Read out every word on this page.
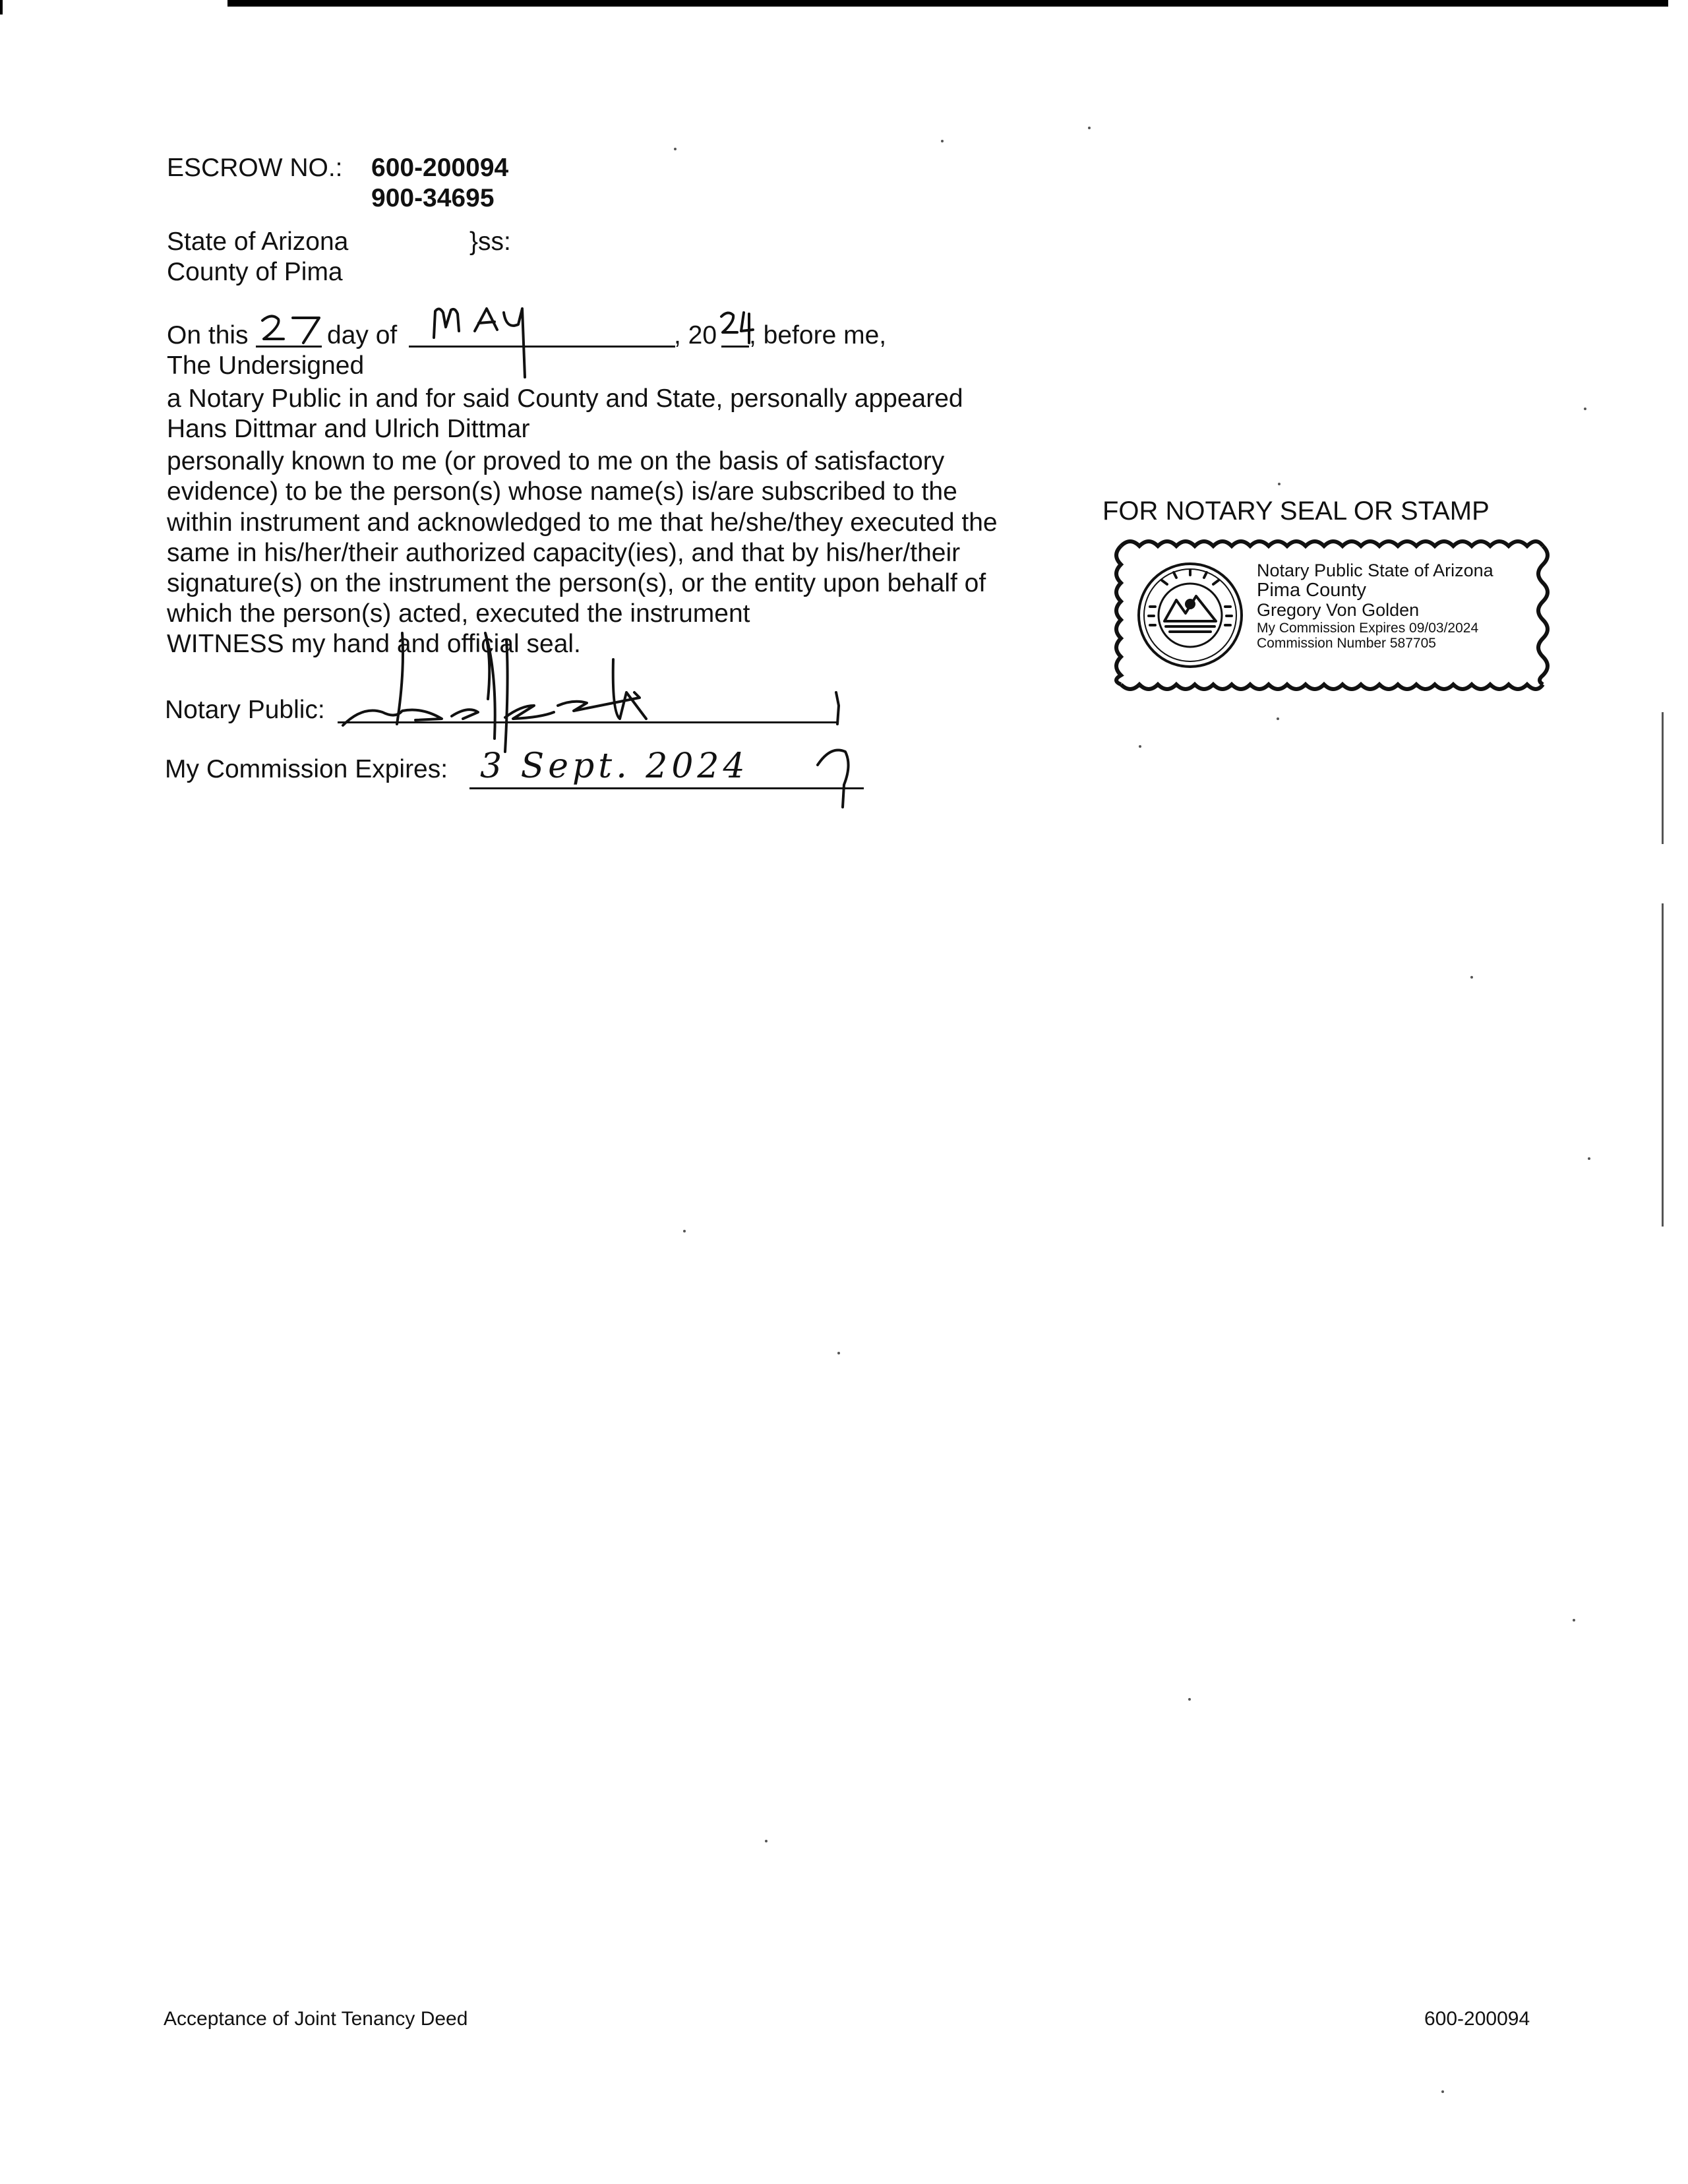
ESCROW NO.: 600-200094
900-34695
State of Arizona	}ss:
County of Pima
On this	day of	, 20 , before me,
The Undersigned
a Notary Public in and for said County and State, personally appeared
Hans Dittmar and Ulrich Dittmar
personally known to me (or proved to me on the basis of satisfactory
evidence) to be the person(s) whose name(s) is/are subscribed to the
within instrument and acknowledged to me that he/she/they executed the
same in his/her/their authorized capacity(ies), and that by his/her/their
signature(s) on the instrument the person(s), or the entity upon behalf of
which the person(s) acted, executed the instrument
WITNESS my hand and official seal.
Notary Public:
My Commission Expires: 3 Sept. 2024
FOR NOTARY SEAL OR STAMP
Notary Public State of Arizona
Pima County
Gregory Von Golden
My Commission Expires 09/03/2024
Commission Number 587705
Acceptance of Joint Tenancy Deed	600-200094
